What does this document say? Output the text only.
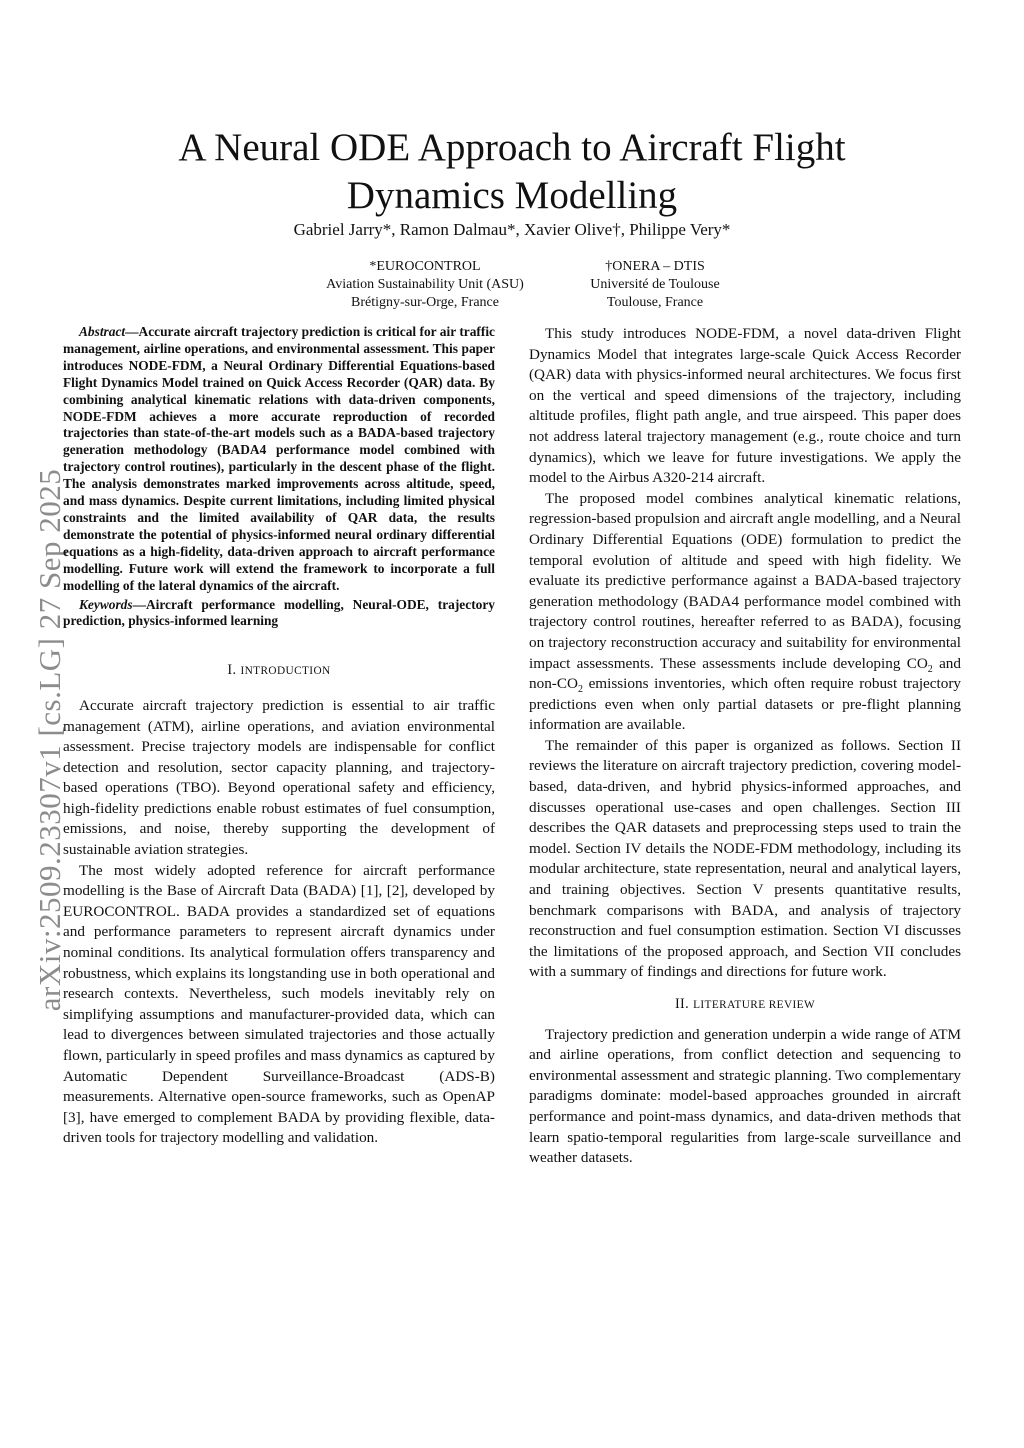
arXiv:2509.23307v1 [cs.LG] 27 Sep 2025
A Neural ODE Approach to Aircraft Flight Dynamics Modelling
Gabriel Jarry*, Ramon Dalmau*, Xavier Olive†, Philippe Very*
*EUROCONTROL
Aviation Sustainability Unit (ASU)
Brétigny-sur-Orge, France
†ONERA – DTIS
Université de Toulouse
Toulouse, France

Abstract—Accurate aircraft trajectory prediction is critical for air traffic management, airline operations, and environmental assessment. This paper introduces NODE-FDM, a Neural Ordinary Differential Equations-based Flight Dynamics Model trained on Quick Access Recorder (QAR) data. By combining analytical kinematic relations with data-driven components, NODE-FDM achieves a more accurate reproduction of recorded trajectories than state-of-the-art models such as a BADA-based trajectory generation methodology (BADA4 performance model combined with trajectory control routines), particularly in the descent phase of the flight. The analysis demonstrates marked improvements across altitude, speed, and mass dynamics. Despite current limitations, including limited physical constraints and the limited availability of QAR data, the results demonstrate the potential of physics-informed neural ordinary differential equations as a high-fidelity, data-driven approach to aircraft performance modelling. Future work will extend the framework to incorporate a full modelling of the lateral dynamics of the aircraft.

Keywords—Aircraft performance modelling, Neural-ODE, trajectory prediction, physics-informed learning

I. INTRODUCTION

Accurate aircraft trajectory prediction is essential to air traffic management (ATM), airline operations, and aviation environmental assessment. Precise trajectory models are indispensable for conflict detection and resolution, sector capacity planning, and trajectory-based operations (TBO). Beyond operational safety and efficiency, high-fidelity predictions enable robust estimates of fuel consumption, emissions, and noise, thereby supporting the development of sustainable aviation strategies.

The most widely adopted reference for aircraft performance modelling is the Base of Aircraft Data (BADA) [1], [2], developed by EUROCONTROL. BADA provides a standardized set of equations and performance parameters to represent aircraft dynamics under nominal conditions. Its analytical formulation offers transparency and robustness, which explains its longstanding use in both operational and research contexts. Nevertheless, such models inevitably rely on simplifying assumptions and manufacturer-provided data, which can lead to divergences between simulated trajectories and those actually flown, particularly in speed profiles and mass dynamics as captured by Automatic Dependent Surveillance-Broadcast (ADS-B) measurements. Alternative open-source frameworks, such as OpenAP [3], have emerged to complement BADA by providing flexible, data-driven tools for trajectory modelling and validation.

This study introduces NODE-FDM, a novel data-driven Flight Dynamics Model that integrates large-scale Quick Access Recorder (QAR) data with physics-informed neural architectures. We focus first on the vertical and speed dimensions of the trajectory, including altitude profiles, flight path angle, and true airspeed. This paper does not address lateral trajectory management (e.g., route choice and turn dynamics), which we leave for future investigations. We apply the model to the Airbus A320-214 aircraft.

The proposed model combines analytical kinematic relations, regression-based propulsion and aircraft angle modelling, and a Neural Ordinary Differential Equations (ODE) formulation to predict the temporal evolution of altitude and speed with high fidelity. We evaluate its predictive performance against a BADA-based trajectory generation methodology (BADA4 performance model combined with trajectory control routines, hereafter referred to as BADA), focusing on trajectory reconstruction accuracy and suitability for environmental impact assessments. These assessments include developing $CO_2$ and non-$CO_2$ emissions inventories, which often require robust trajectory predictions even when only partial datasets or pre-flight planning information are available.

The remainder of this paper is organized as follows. Section II reviews the literature on aircraft trajectory prediction, covering model-based, data-driven, and hybrid physics-informed approaches, and discusses operational use-cases and open challenges. Section III describes the QAR datasets and preprocessing steps used to train the model. Section IV details the NODE-FDM methodology, including its modular architecture, state representation, neural and analytical layers, and training objectives. Section V presents quantitative results, benchmark comparisons with BADA, and analysis of trajectory reconstruction and fuel consumption estimation. Section VI discusses the limitations of the proposed approach, and Section VII concludes with a summary of findings and directions for future work.

II. LITERATURE REVIEW

Trajectory prediction and generation underpin a wide range of ATM and airline operations, from conflict detection and sequencing to environmental assessment and strategic planning. Two complementary paradigms dominate: model-based approaches grounded in aircraft performance and point-mass dynamics, and data-driven methods that learn spatio-temporal regularities from large-scale surveillance and weather datasets.
